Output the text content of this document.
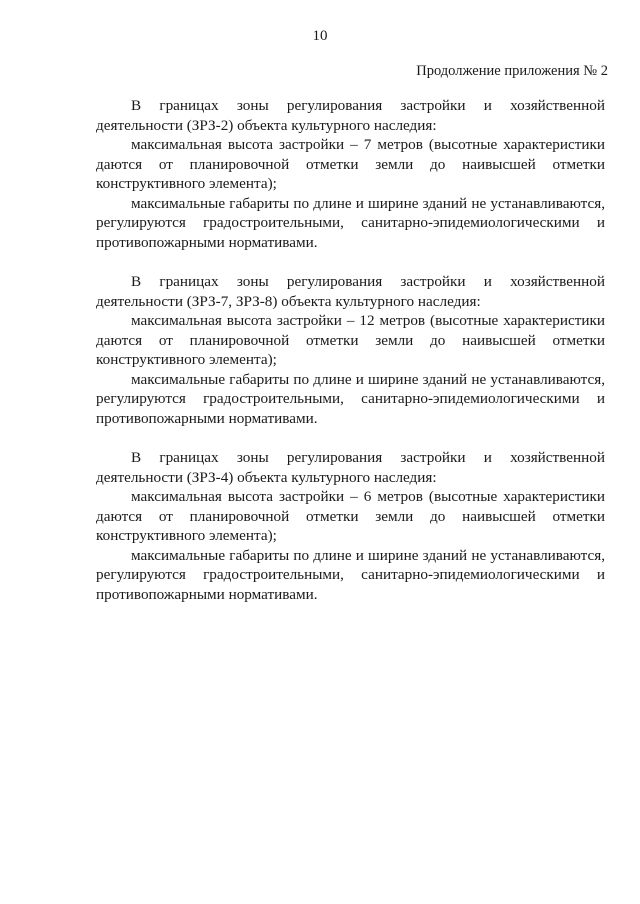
10
Продолжение приложения № 2

В границах зоны регулирования застройки и хозяйственной деятельности (ЗРЗ-2) объекта культурного наследия:

максимальная высота застройки – 7 метров (высотные характеристики даются от планировочной отметки земли до наивысшей отметки конструктивного элемента);

максимальные габариты по длине и ширине зданий не устанавливаются, регулируются градостроительными, санитарно-эпидемиологическими и противопожарными нормативами.

В границах зоны регулирования застройки и хозяйственной деятельности (ЗРЗ-7, ЗРЗ-8) объекта культурного наследия:

максимальная высота застройки – 12 метров (высотные характеристики даются от планировочной отметки земли до наивысшей отметки конструктивного элемента);

максимальные габариты по длине и ширине зданий не устанавливаются, регулируются градостроительными, санитарно-эпидемиологическими и противопожарными нормативами.

В границах зоны регулирования застройки и хозяйственной деятельности (ЗРЗ-4) объекта культурного наследия:

максимальная высота застройки – 6 метров (высотные характеристики даются от планировочной отметки земли до наивысшей отметки конструктивного элемента);

максимальные габариты по длине и ширине зданий не устанавливаются, регулируются градостроительными, санитарно-эпидемиологическими и противопожарными нормативами.
